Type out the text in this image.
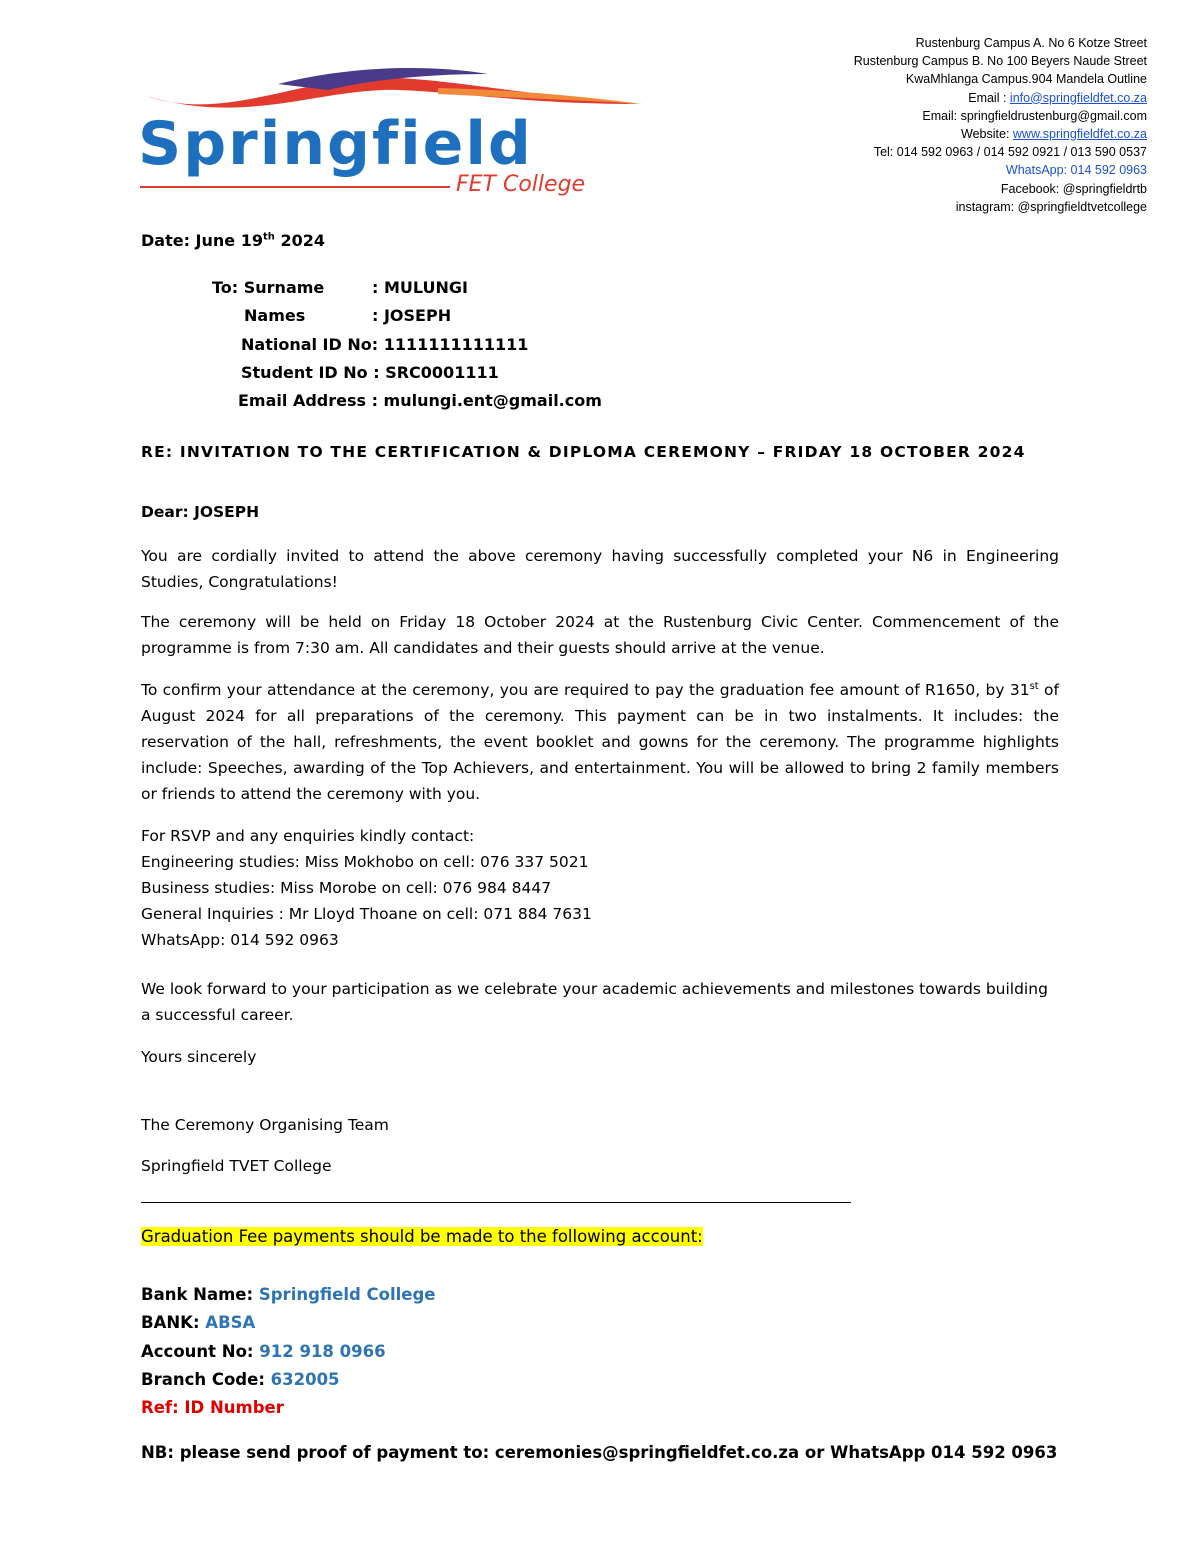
Springfield
FET College
Rustenburg Campus A. No 6 Kotze Street
Rustenburg Campus B. No 100 Beyers Naude Street
KwaMhlanga Campus.904 Mandela Outline
Email : info@springfieldfet.co.za
Email: springfieldrustenburg@gmail.com
Website: www.springfieldfet.co.za
Tel: 014 592 0963 / 014 592 0921 / 013 590 0537
WhatsApp: 014 592 0963
Facebook: @springfieldrtb
instagram: @springfieldtvetcollege
Date: June 19th 2024
To: Surname	: MULUNGI
Names	: JOSEPH
National ID No: 1111111111111
Student ID No : SRC0001111
Email Address : mulungi.ent@gmail.com
RE: INVITATION TO THE CERTIFICATION & DIPLOMA CEREMONY – FRIDAY 18 OCTOBER 2024
Dear: JOSEPH
You are cordially invited to attend the above ceremony having successfully completed your N6 in Engineering Studies, Congratulations!
The ceremony will be held on Friday 18 October 2024 at the Rustenburg Civic Center. Commencement of the programme is from 7:30 am. All candidates and their guests should arrive at the venue.
To confirm your attendance at the ceremony, you are required to pay the graduation fee amount of R1650, by 31st of August 2024 for all preparations of the ceremony. This payment can be in two instalments. It includes: the reservation of the hall, refreshments, the event booklet and gowns for the ceremony. The programme highlights include: Speeches, awarding of the Top Achievers, and entertainment. You will be allowed to bring 2 family members or friends to attend the ceremony with you.
For RSVP and any enquiries kindly contact:
Engineering studies: Miss Mokhobo on cell: 076 337 5021
Business studies: Miss Morobe on cell: 076 984 8447
General Inquiries : Mr Lloyd Thoane on cell: 071 884 7631
WhatsApp: 014 592 0963
We look forward to your participation as we celebrate your academic achievements and milestones towards building a successful career.
Yours sincerely
The Ceremony Organising Team
Springfield TVET College
Graduation Fee payments should be made to the following account:
Bank Name: Springfield College
BANK: ABSA
Account No: 912 918 0966
Branch Code: 632005
Ref: ID Number
NB: please send proof of payment to: ceremonies@springfieldfet.co.za or WhatsApp 014 592 0963
